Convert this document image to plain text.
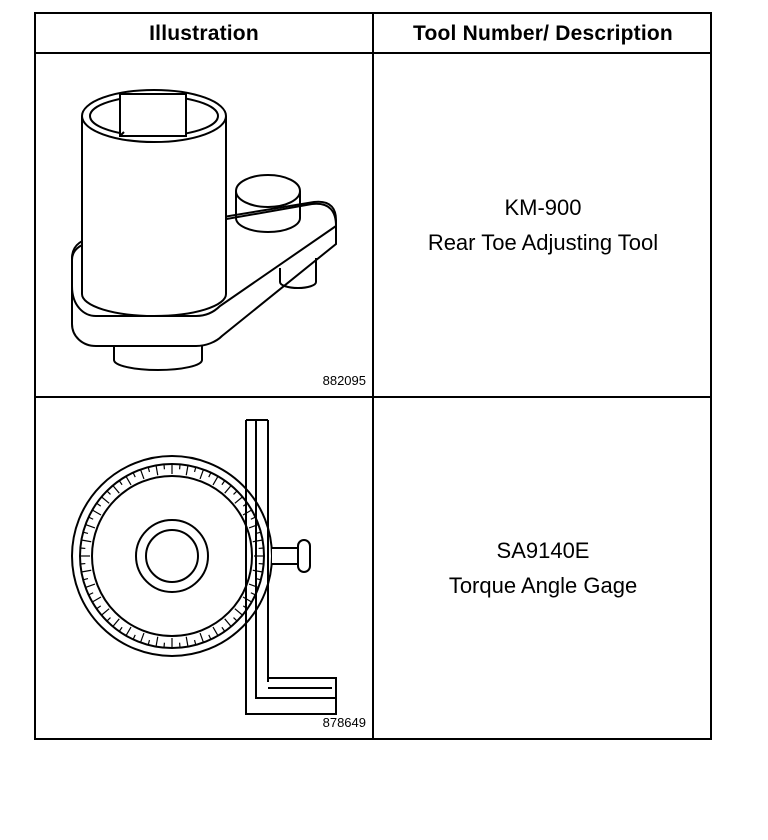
Illustration	Tool Number/ Description
882095
KM-900
Rear Toe Adjusting Tool
878649
SA9140E
Torque Angle Gage
